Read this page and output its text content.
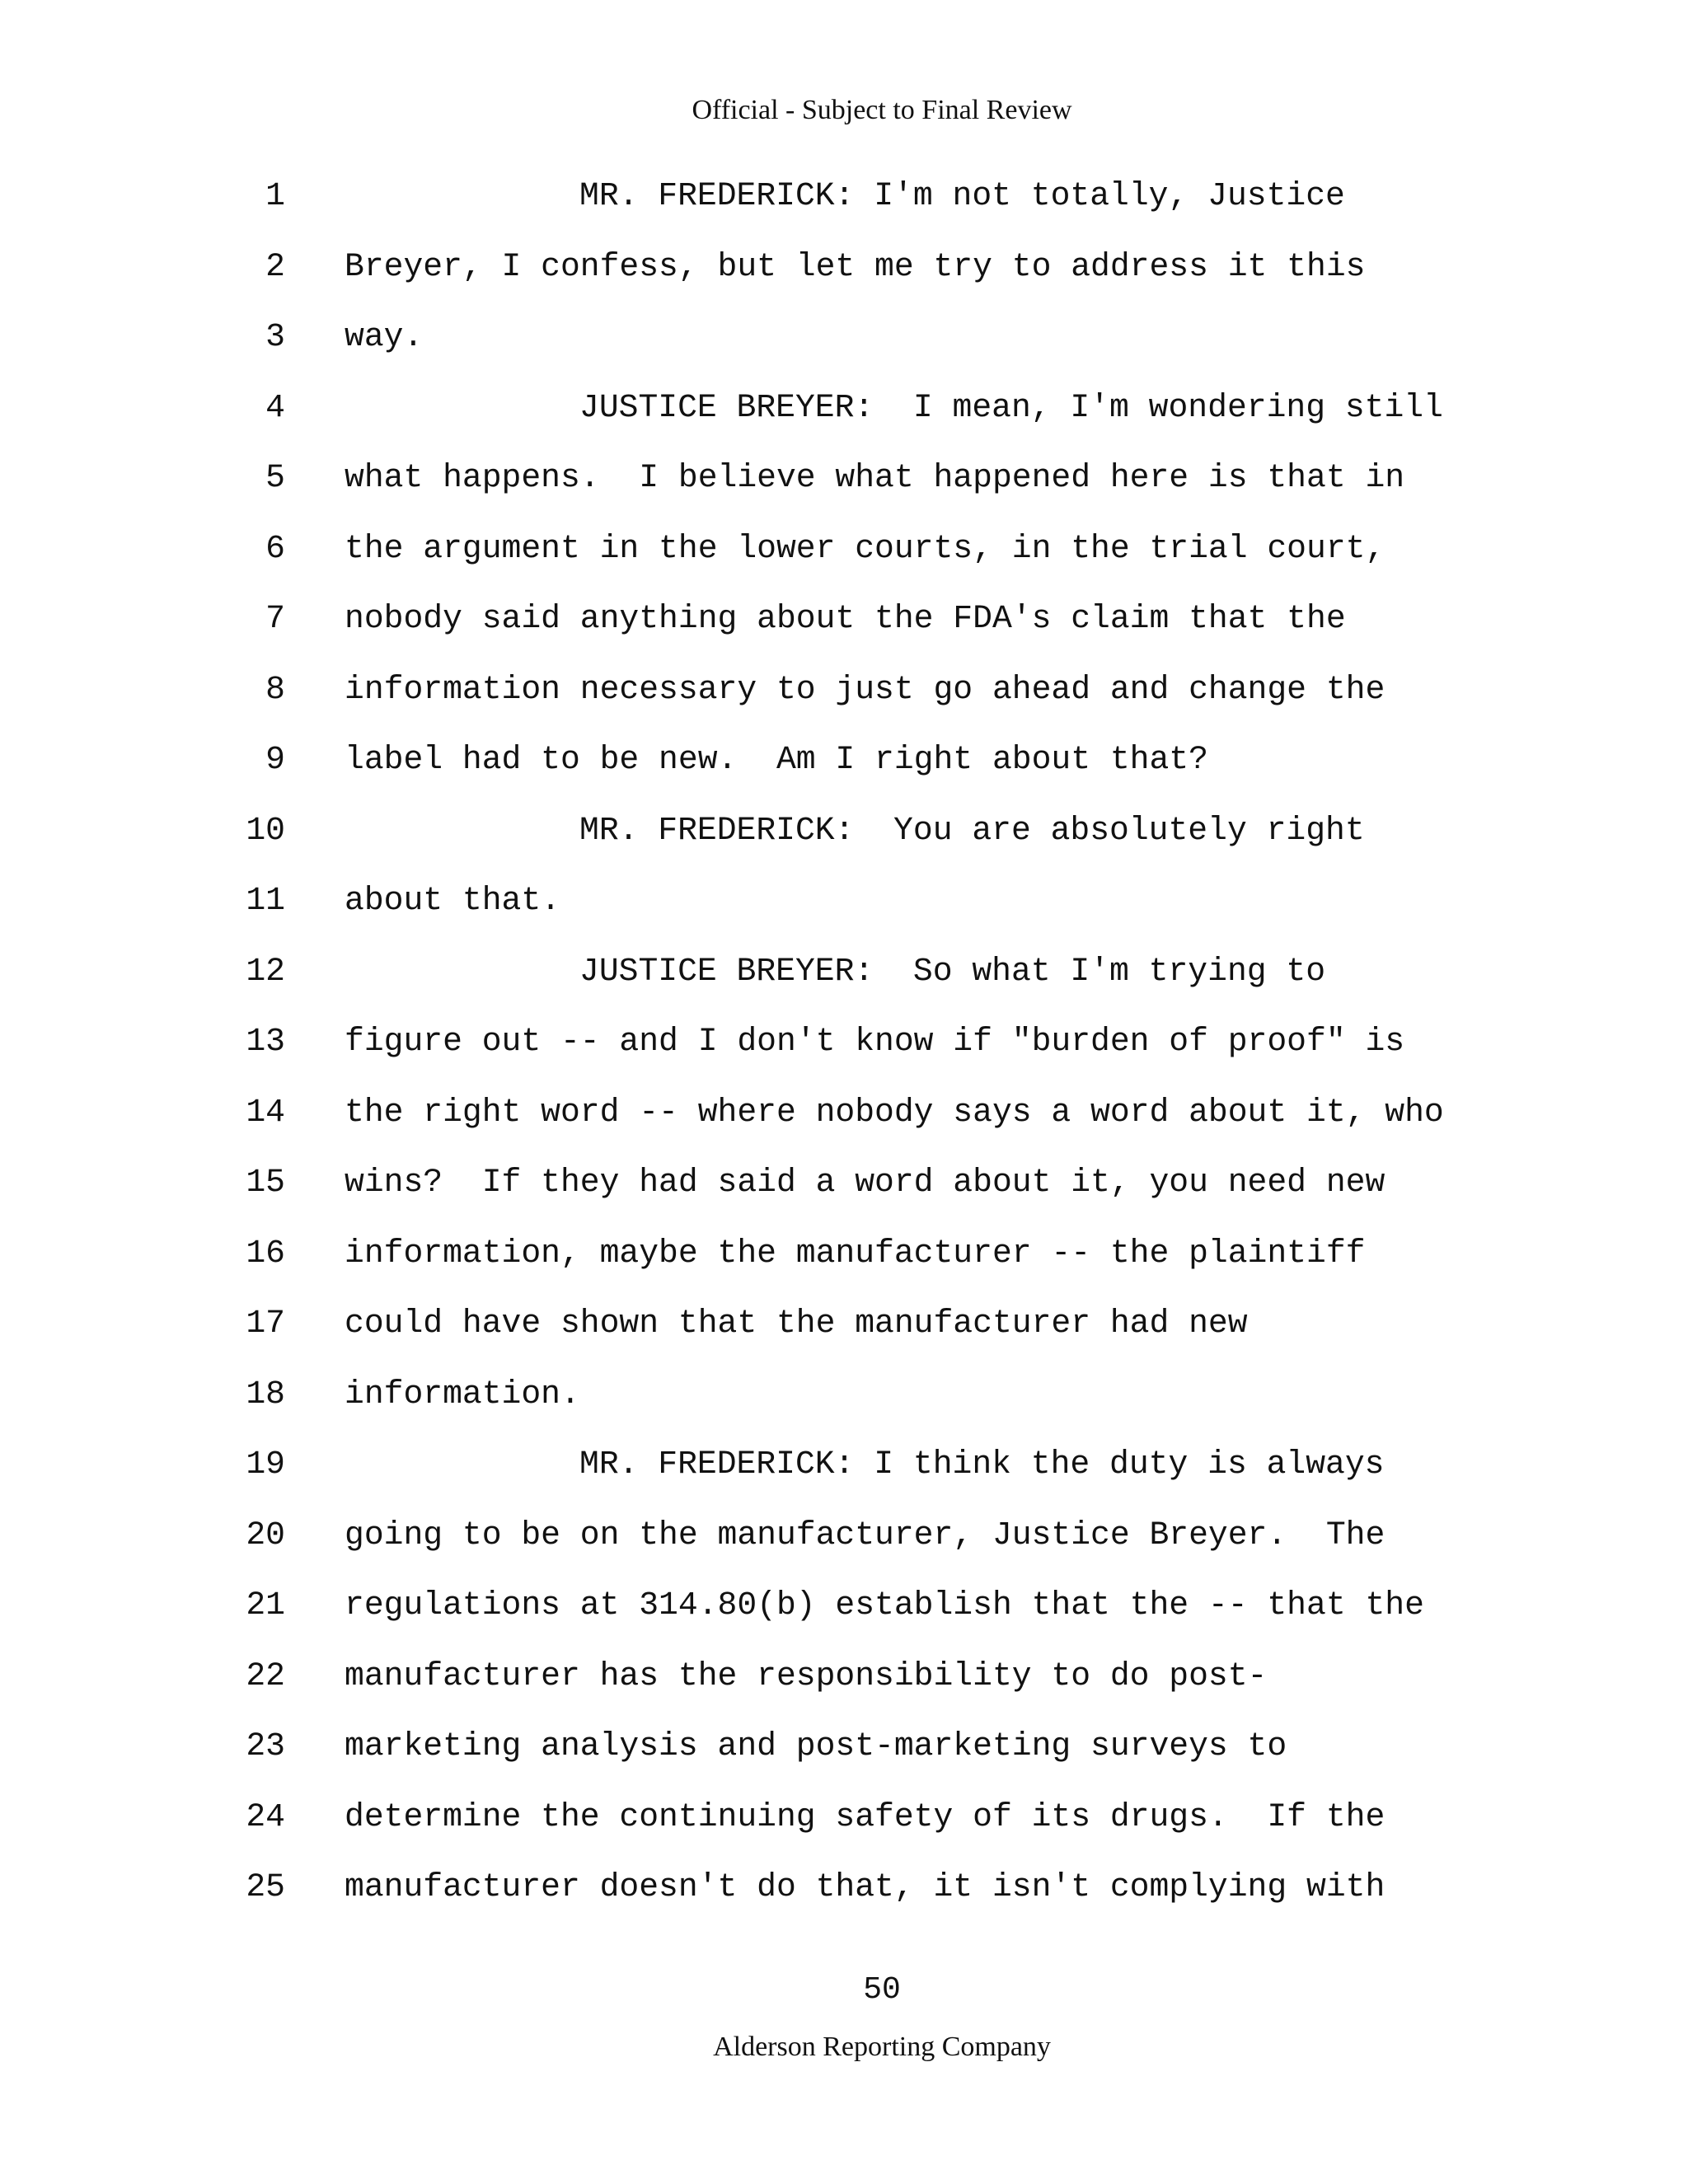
Official - Subject to Final Review

1

	MR. FREDERICK: I'm not totally, Justice

2

Breyer, I confess, but let me try to address it this

3

way.

4

	JUSTICE BREYER:  I mean, I'm wondering still

5

what happens.  I believe what happened here is that in

6

the argument in the lower courts, in the trial court,

7

nobody said anything about the FDA's claim that the

8

information necessary to just go ahead and change the

9

label had to be new.  Am I right about that?

10

	MR. FREDERICK:  You are absolutely right

11

about that.

12

	JUSTICE BREYER:  So what I'm trying to

13

figure out -- and I don't know if "burden of proof" is

14

the right word -- where nobody says a word about it, who

15

wins?  If they had said a word about it, you need new

16

information, maybe the manufacturer -- the plaintiff

17

could have shown that the manufacturer had new

18

information.

19

	MR. FREDERICK: I think the duty is always

20

going to be on the manufacturer, Justice Breyer.  The

21

regulations at 314.80(b) establish that the -- that the

22

manufacturer has the responsibility to do post-

23

marketing analysis and post-marketing surveys to

24

determine the continuing safety of its drugs.  If the

25

manufacturer doesn't do that, it isn't complying with

50
Alderson Reporting Company
